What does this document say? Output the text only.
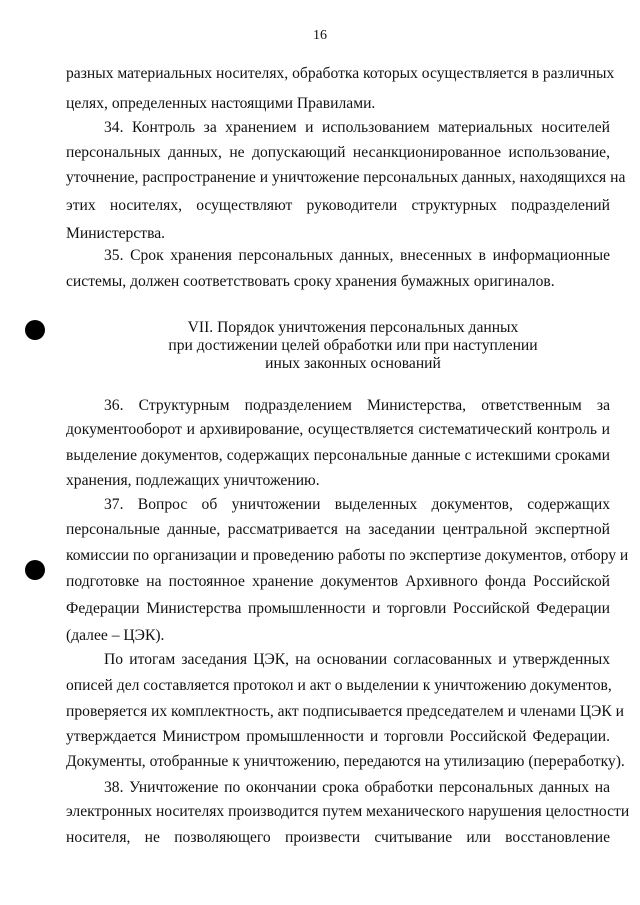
16
разных материальных носителях, обработка которых осуществляется в различных
целях, определенных настоящими Правилами.
34. Контроль за хранением и использованием материальных носителей
персональных данных, не допускающий несанкционированное использование,
уточнение, распространение и уничтожение персональных данных, находящихся на
этих носителях, осуществляют руководители структурных подразделений
Министерства.
35. Срок хранения персональных данных, внесенных в информационные
системы, должен соответствовать сроку хранения бумажных оригиналов.
VII. Порядок уничтожения персональных данных
при достижении целей обработки или при наступлении
иных законных оснований
36. Структурным подразделением Министерства, ответственным за
документооборот и архивирование, осуществляется систематический контроль и
выделение документов, содержащих персональные данные с истекшими сроками
хранения, подлежащих уничтожению.
37. Вопрос об уничтожении выделенных документов, содержащих
персональные данные, рассматривается на заседании центральной экспертной
комиссии по организации и проведению работы по экспертизе документов, отбору и
подготовке на постоянное хранение документов Архивного фонда Российской
Федерации Министерства промышленности и торговли Российской Федерации
(далее – ЦЭК).
По итогам заседания ЦЭК, на основании согласованных и утвержденных
описей дел составляется протокол и акт о выделении к уничтожению документов,
проверяется их комплектность, акт подписывается председателем и членами ЦЭК и
утверждается Министром промышленности и торговли Российской Федерации.
Документы, отобранные к уничтожению, передаются на утилизацию (переработку).
38. Уничтожение по окончании срока обработки персональных данных на
электронных носителях производится путем механического нарушения целостности
носителя, не позволяющего произвести считывание или восстановление
